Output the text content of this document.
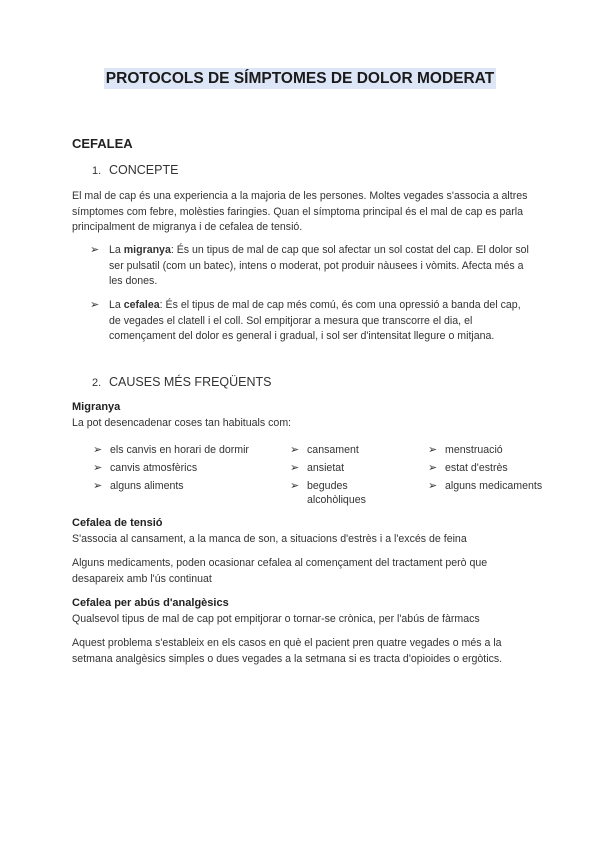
PROTOCOLS DE SÍMPTOMES DE DOLOR MODERAT
CEFALEA
1. CONCEPTE
El mal de cap és una experiencia a la majoria de les persones. Moltes vegades s'associa a altres símptomes com febre, molèsties faringies. Quan el símptoma principal és el mal de cap es parla principalment de migranya i de cefalea de tensió.
➢ La migranya: És un tipus de mal de cap que sol afectar un sol costat del cap. El dolor sol ser pulsatil (com un batec), intens o moderat, pot produir nàusees i vòmits. Afecta més a les dones.
➢ La cefalea: És el tipus de mal de cap més comú, és com una opressió a banda del cap, de vegades el clatell i el coll. Sol empitjorar a mesura que transcorre el dia, el començament del dolor es general i gradual, i sol ser d'intensitat llegure o mitjana.
2. CAUSES MÉS FREQÜENTS
Migranya
La pot desencadenar coses tan habituals com:
➢ els canvis en horari de dormir
➢ canvis atmosfèrics
➢ alguns aliments
➢ cansament
➢ ansietat
➢ begudes alcohòliques
➢ menstruació
➢ estat d'estrès
➢ alguns medicaments
Cefalea de tensió
S'associa al cansament, a la manca de son, a situacions d'estrès i a l'excés de feina
Alguns medicaments, poden ocasionar cefalea al començament del tractament però que desapareix amb l'ús continuat
Cefalea per abús d'analgèsics
Qualsevol tipus de mal de cap pot empitjorar o tornar-se crònica, per l'abús de fàrmacs
Aquest problema s'estableix en els casos en què el pacient pren quatre vegades o més a la setmana analgèsics simples o dues vegades a la setmana si es tracta d'opioides o ergòtics.
